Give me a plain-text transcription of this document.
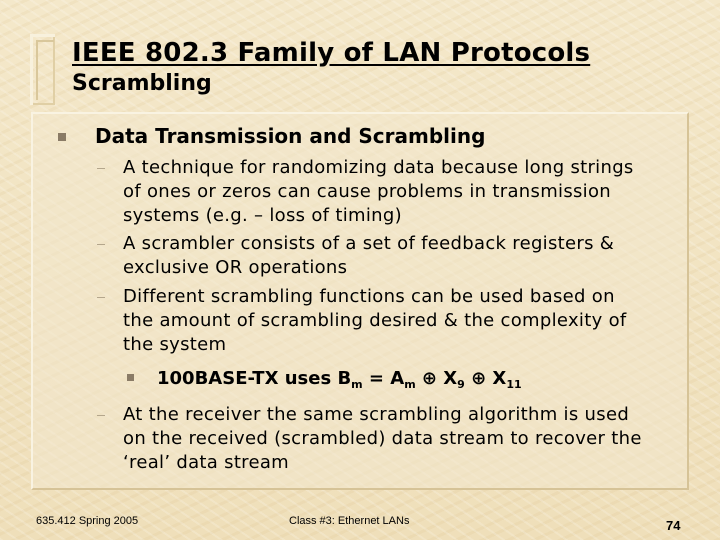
IEEE 802.3 Family of LAN Protocols
Scrambling

Data Transmission and Scrambling

A technique for randomizing data because long strings

of ones or zeros can cause problems in transmission

systems (e.g. – loss of timing)

A scrambler consists of a set of feedback registers &

exclusive OR operations

Different scrambling functions can be used based on

the amount of scrambling desired & the complexity of

the system

100BASE-TX uses $B_m = A_m$ ⊕ $X_9$ ⊕ $X_{11}$

At the receiver the same scrambling algorithm is used

on the received (scrambled) data stream to recover the

‘real’ data stream

635.412 Spring 2005	Class #3: Ethernet LANs	74
